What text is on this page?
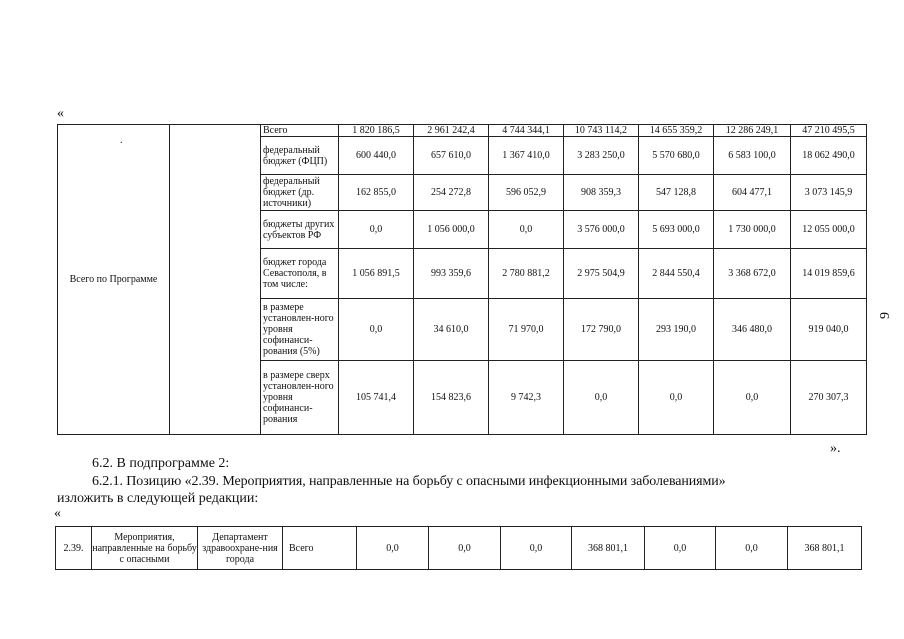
«
.
Всего по Программе		Всего	1 820 186,5	2 961 242,4	4 744 344,1	10 743 114,2	14 655 359,2	12 286 249,1	47 210 495,5
		федеральный бюджет (ФЦП)	600 440,0	657 610,0	1 367 410,0	3 283 250,0	5 570 680,0	6 583 100,0	18 062 490,0
		федеральный бюджет (др. источники)	162 855,0	254 272,8	596 052,9	908 359,3	547 128,8	604 477,1	3 073 145,9
		бюджеты других субъектов РФ	0,0	1 056 000,0	0,0	3 576 000,0	5 693 000,0	1 730 000,0	12 055 000,0
		бюджет города Севастополя, в том числе:	1 056 891,5	993 359,6	2 780 881,2	2 975 504,9	2 844 550,4	3 368 672,0	14 019 859,6
		в размере установлен-ного уровня софинанси-рования (5%)	0,0	34 610,0	71 970,0	172 790,0	293 190,0	346 480,0	919 040,0
		в размере сверх установлен-ного уровня софинанси-рования	105 741,4	154 823,6	9 742,3	0,0	0,0	0,0	270 307,3
».
6.2. В подпрограмме 2:
6.2.1. Позицию «2.39. Мероприятия, направленные на борьбу с опасными инфекционными заболеваниями»
изложить в следующей редакции:
«
2.39.	Мероприятия, направленные на борьбу с опасными	Департамент здравоохране-ния города	Всего	0,0	0,0	0,0	368 801,1	0,0	0,0	368 801,1
9
